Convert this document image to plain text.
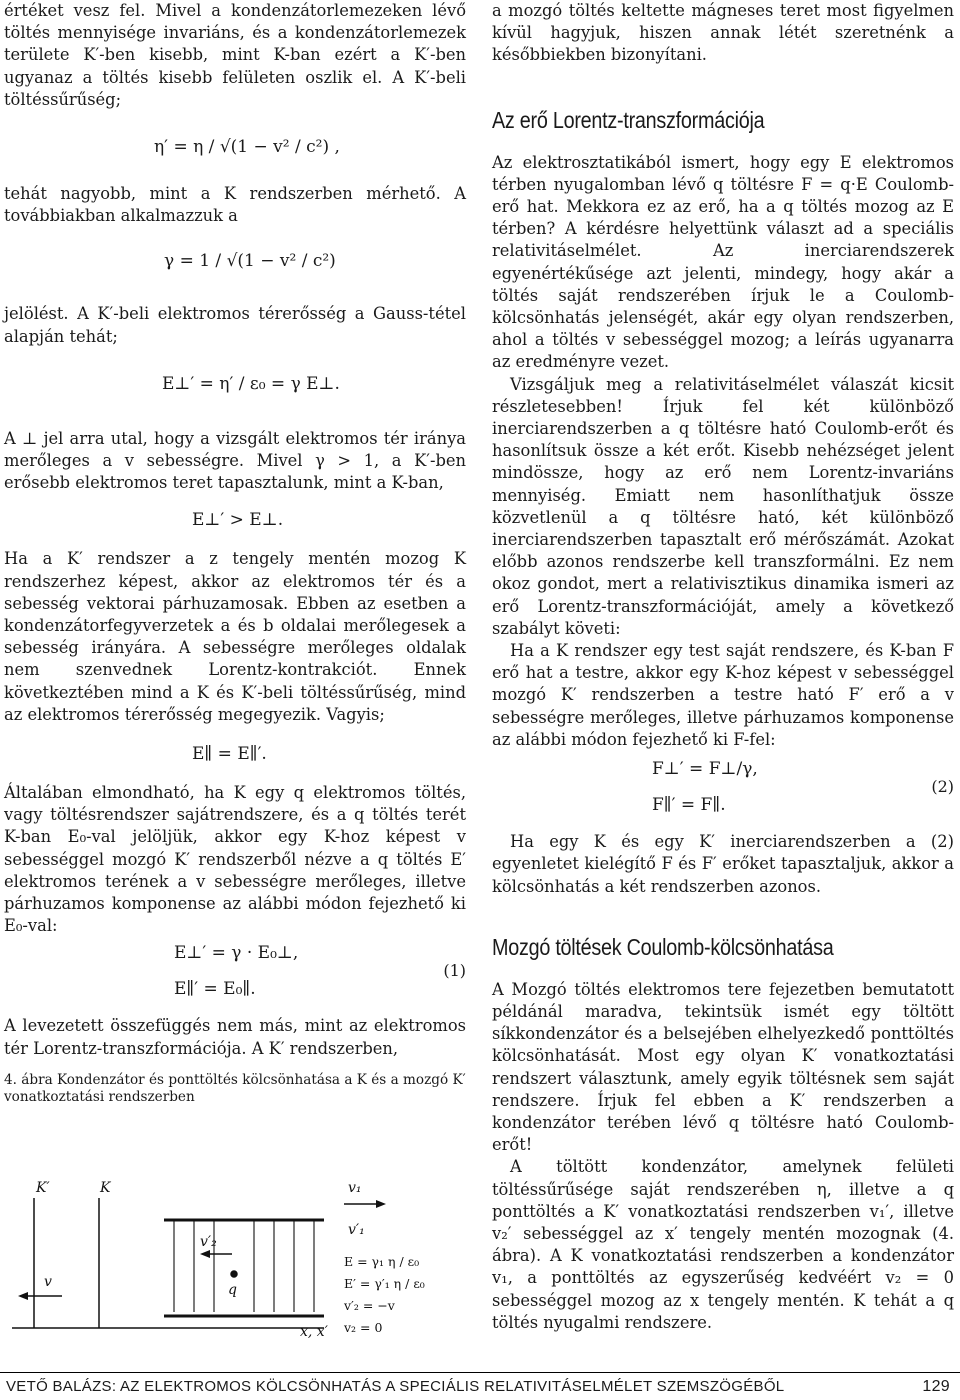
értéket vesz fel. Mivel a kondenzátorlemezeken lévő töltés mennyisége invariáns, és a kondenzátorlemezek területe K′-ben kisebb, mint K-ban ezért a K′-ben ugyanaz a töltés kisebb felületen oszlik el. A K′-beli töltéssűrűség;

η′ = η / √(1 − v² / c²) ,

tehát nagyobb, mint a K rendszerben mérhető. A továbbiakban alkalmazzuk a

γ = 1 / √(1 − v² / c²)

jelölést. A K′-beli elektromos térerősség a Gauss-tétel alapján tehát;

E⊥′ = η′ / ε₀ = γ E⊥.

A ⊥ jel arra utal, hogy a vizsgált elektromos tér iránya merőleges a v sebességre. Mivel γ > 1, a K′-ben erősebb elektromos teret tapasztalunk, mint a K-ban,

E⊥′ > E⊥.

Ha a K′ rendszer a z tengely mentén mozog K rendszerhez képest, akkor az elektromos tér és a sebesség vektorai párhuzamosak. Ebben az esetben a kondenzátorfegyverzetek a és b oldalai merőlegesek a sebesség irányára. A sebességre merőleges oldalak nem szenvednek Lorentz-kontrakciót. Ennek következtében mind a K és K′-beli töltéssűrűség, mind az elektromos térerősség megegyezik. Vagyis;

E∥ = E∥′.

Általában elmondható, ha K egy q elektromos töltés, vagy töltésrendszer sajátrendszere, és a q töltés terét K-ban E₀-val jelöljük, akkor egy K-hoz képest v sebességgel mozgó K′ rendszerből nézve a q töltés E′ elektromos terének a v sebességre merőleges, illetve párhuzamos komponense az alábbi módon fejezhető ki E₀-val:

E⊥′ = γ · E₀⊥,
E∥′ = E₀∥.
(1)

A levezetett összefüggés nem más, mint az elektromos tér Lorentz-transzformációja. A K′ rendszerben,

4. ábra Kondenzátor és ponttöltés kölcsönhatása a K és a mozgó K′ vonatkoztatási rendszerben

K′	K
v
v′₂
q
x, x′
v₁
v′₁
E = γ₁ η / ε₀
E′ = γ′₁ η / ε₀
v′₂ = −v
v₂ = 0

a mozgó töltés keltette mágneses teret most figyelmen kívül hagyjuk, hiszen annak létét szeretnénk a későbbiekben bizonyítani.

Az erő Lorentz-transzformációja

Az elektrosztatikából ismert, hogy egy E elektromos térben nyugalomban lévő q töltésre F = q·E Coulomb-erő hat. Mekkora ez az erő, ha a q töltés mozog az E térben? A kérdésre helyettünk választ ad a speciális relativitáselmélet. Az inerciarendszerek egyenértékűsége azt jelenti, mindegy, hogy akár a töltés saját rendszerében írjuk le a Coulomb-kölcsönhatás jelenségét, akár egy olyan rendszerben, ahol a töltés v sebességgel mozog; a leírás ugyanarra az eredményre vezet.

Vizsgáljuk meg a relativitáselmélet válaszát kicsit részletesebben! Írjuk fel két különböző inerciarendszerben a q töltésre ható Coulomb-erőt és hasonlítsuk össze a két erőt. Kisebb nehézséget jelent mindössze, hogy az erő nem Lorentz-invariáns mennyiség. Emiatt nem hasonlíthatjuk össze közvetlenül a q töltésre ható, két különböző inerciarendszerben tapasztalt erő mérőszámát. Azokat előbb azonos rendszerbe kell transzformálni. Ez nem okoz gondot, mert a relativisztikus dinamika ismeri az erő Lorentz-transzformációját, amely a következő szabályt követi:

Ha a K rendszer egy test saját rendszere, és K-ban F erő hat a testre, akkor egy K-hoz képest v sebességgel mozgó K′ rendszerben a testre ható F′ erő a v sebességre merőleges, illetve párhuzamos komponense az alábbi módon fejezhető ki F-fel:

F⊥′ = F⊥/γ,
F∥′ = F∥.
(2)

Ha egy K és egy K′ inerciarendszerben a (2) egyenletet kielégítő F és F′ erőket tapasztaljuk, akkor a kölcsönhatás a két rendszerben azonos.

Mozgó töltések Coulomb-kölcsönhatása

A Mozgó töltés elektromos tere fejezetben bemutatott példánál maradva, tekintsük ismét egy töltött síkkondenzátor és a belsejében elhelyezkedő ponttöltés kölcsönhatását. Most egy olyan K′ vonatkoztatási rendszert választunk, amely egyik töltésnek sem saját rendszere. Írjuk fel ebben a K′ rendszerben a kondenzátor terében lévő q töltésre ható Coulomb-erőt!

A töltött kondenzátor, amelynek felületi töltéssűrűsége saját rendszerében η, illetve a q ponttöltés a K′ vonatkoztatási rendszerben v₁′, illetve v₂′ sebességgel az x′ tengely mentén mozognak (4. ábra). A K vonatkoztatási rendszerben a kondenzátor v₁, a ponttöltés az egyszerűség kedvéért v₂ = 0 sebességgel mozog az x tengely mentén. K tehát a q töltés nyugalmi rendszere.

VETŐ BALÁZS: AZ ELEKTROMOS KÖLCSÖNHATÁS A SPECIÁLIS RELATIVITÁSELMÉLET SZEMSZÖGÉBŐL	129
